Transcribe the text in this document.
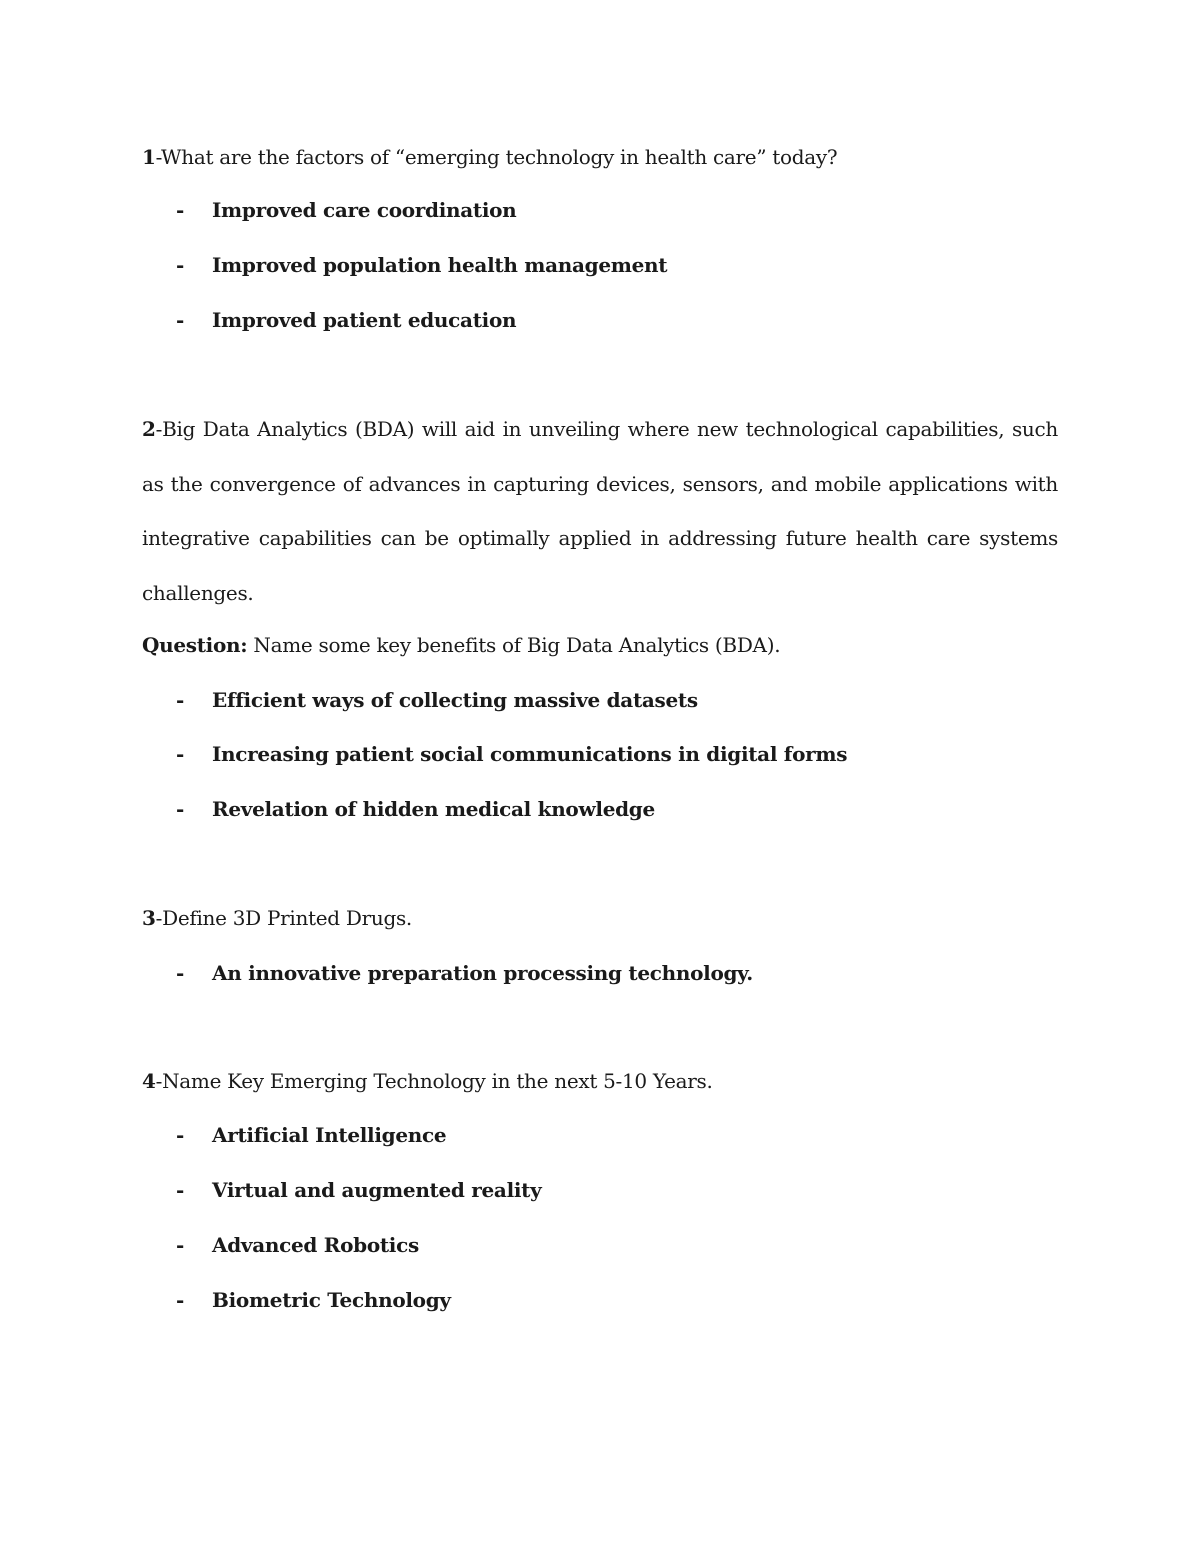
1-What are the factors of “emerging technology in health care” today?
- Improved care coordination
- Improved population health management
- Improved patient education
2-Big Data Analytics (BDA) will aid in unveiling where new technological capabilities, such as the convergence of advances in capturing devices, sensors, and mobile applications with integrative capabilities can be optimally applied in addressing future health care systems challenges.
Question: Name some key benefits of Big Data Analytics (BDA).
- Efficient ways of collecting massive datasets
- Increasing patient social communications in digital forms
- Revelation of hidden medical knowledge
3-Define 3D Printed Drugs.
- An innovative preparation processing technology.
4-Name Key Emerging Technology in the next 5-10 Years.
- Artificial Intelligence
- Virtual and augmented reality
- Advanced Robotics
- Biometric Technology
